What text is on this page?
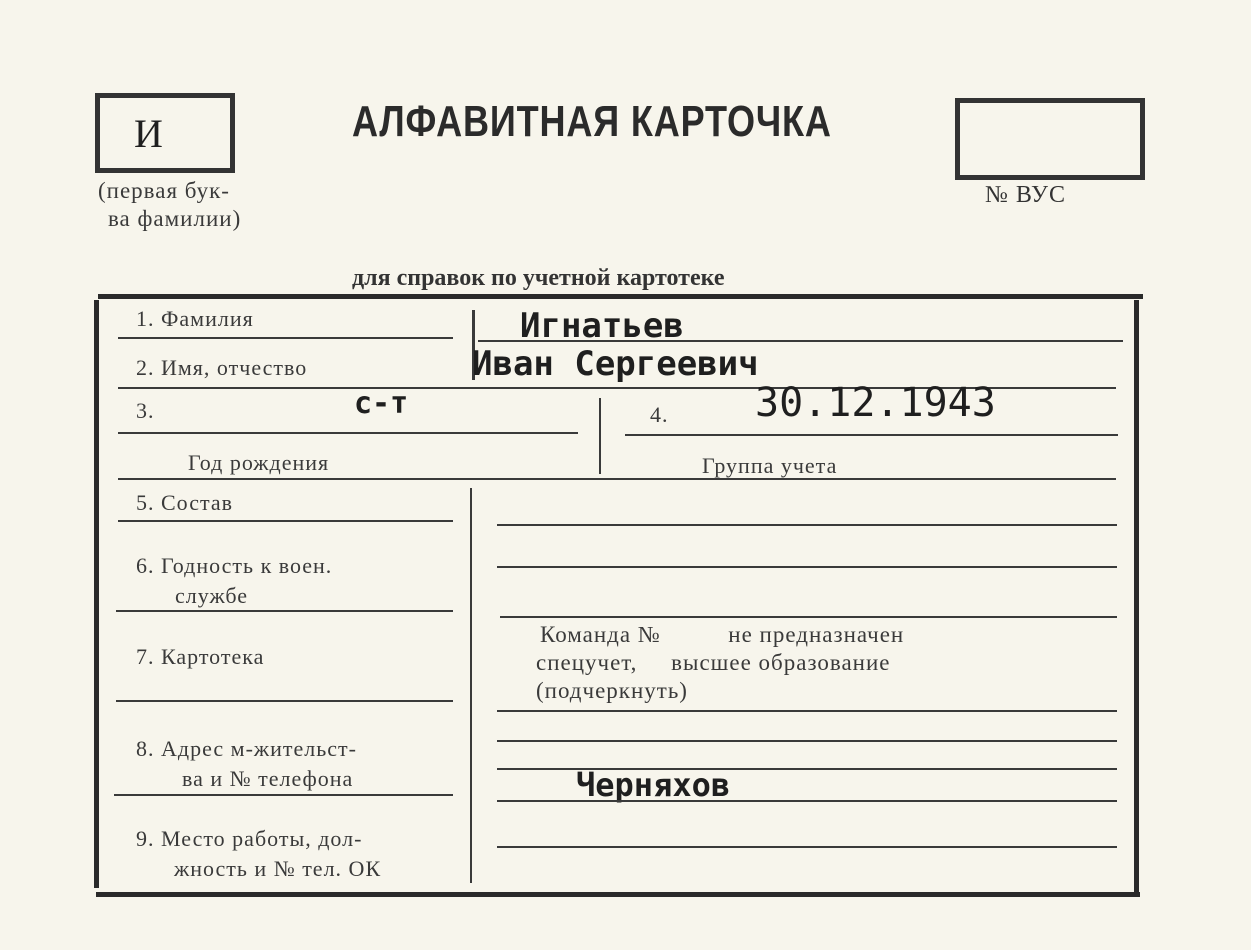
И
(первая бук-
ва фамилии)
АЛФАВИТНАЯ КАРТОЧКА
№ ВУС
для справок по учетной картотеке
1. Фамилия	Игнатьев
2. Имя, отчество	Иван Сергеевич
3.	с-т
Год рождения
4. 30.12.1943
Группа учета
5. Состав
6. Годность к воен.
службе
Команда №          не предназначен
спецучет,     высшее образование
(подчеркнуть)
7. Картотека
8. Адрес м-жительст-
ва и № телефона	Черняхов
9. Место работы, дол-
жность и № тел. ОК
